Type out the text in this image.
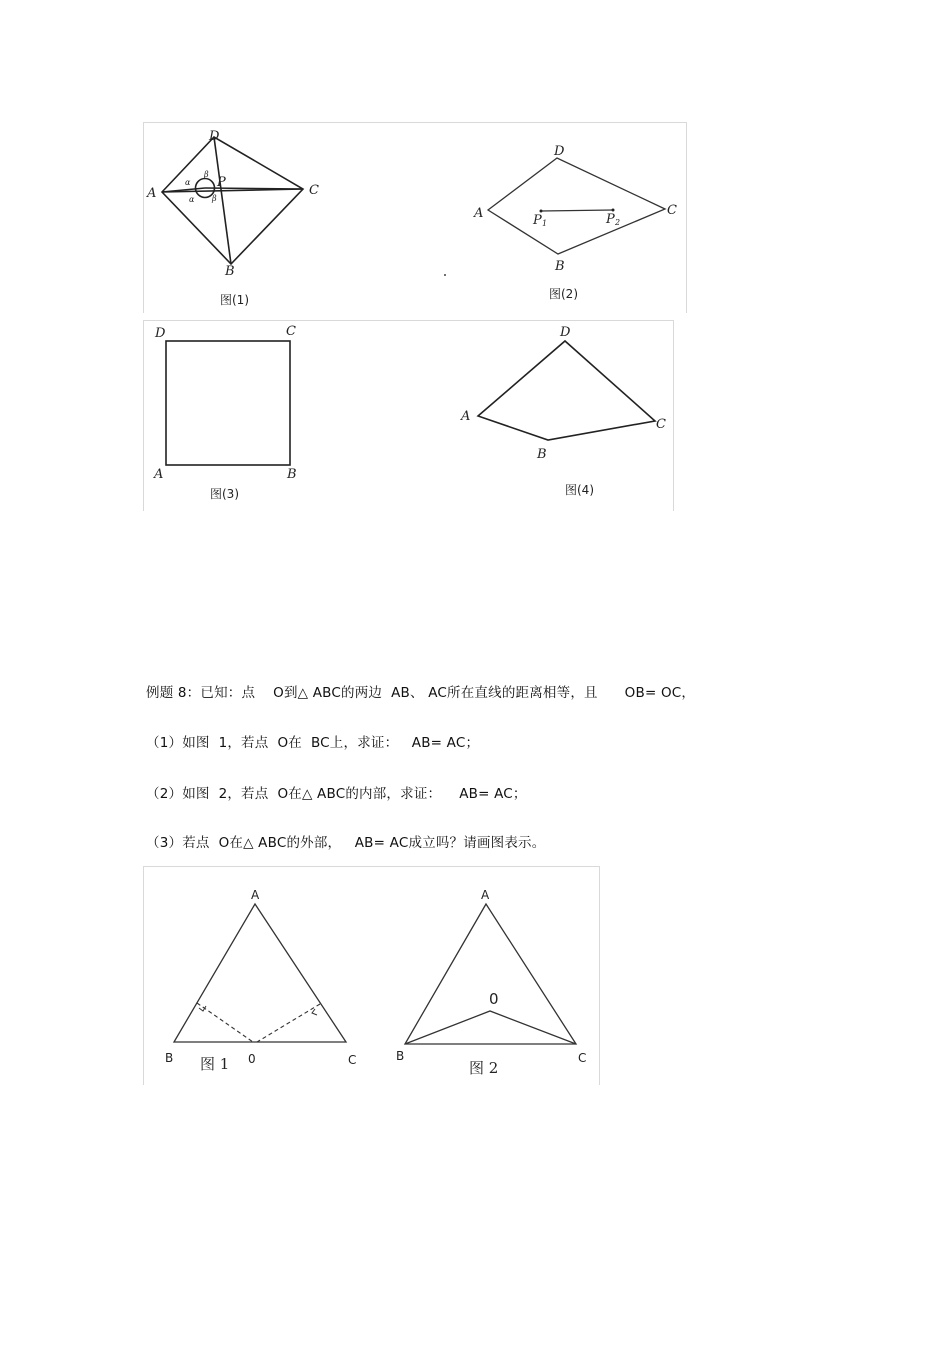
A
D
C
B
P
α
α
β
β
图(1)
A
D
C
B
P 1	P 2
图(2)
D	C
A	B
图(3)
A
D
C
B
图(4)
例题 8：已知：点    O到△ ABC的两边  AB、 AC所在直线的距离相等，且      OB= OC，
（1）如图  1，若点  O在  BC上，求证：   AB= AC；
（2）如图  2，若点  O在△ ABC的内部，求证：    AB= AC；
（3）若点  O在△ ABC的外部，   AB= AC成立吗？请画图表示。
A
B	C
0
图 1
A
B	C
0
图 2
